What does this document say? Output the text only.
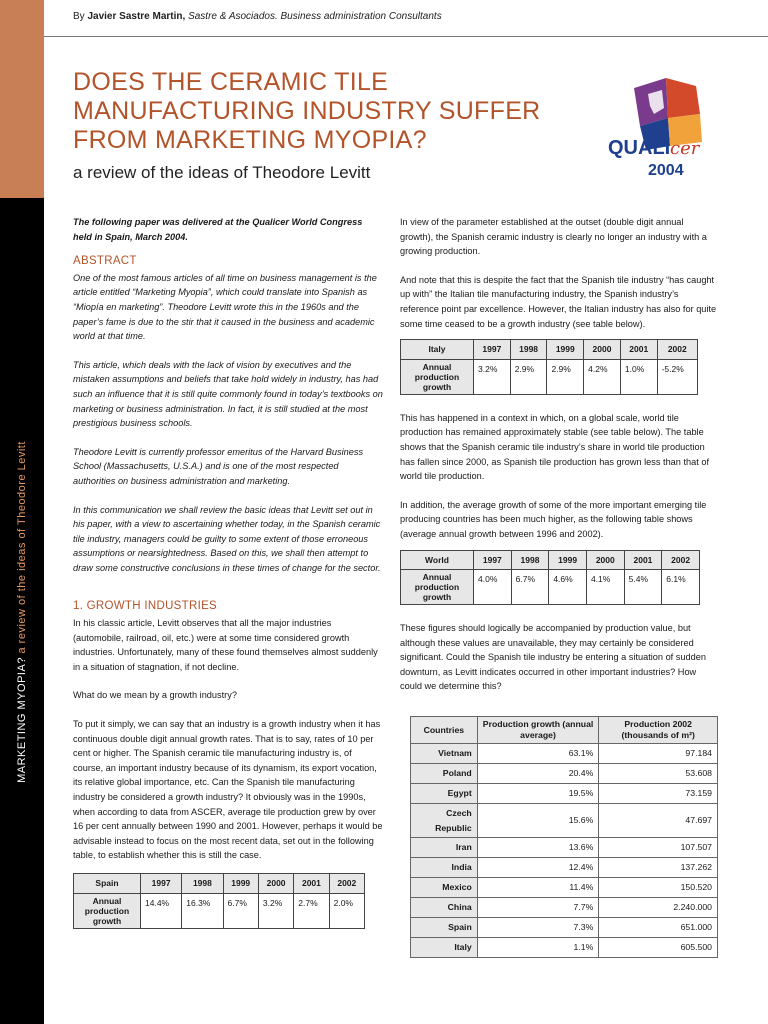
MARKETING MYOPIA? a review of the ideas of Theodore Levitt
By Javier Sastre Martin, Sastre & Asociados. Business administration Consultants
DOES THE CERAMIC TILE MANUFACTURING INDUSTRY SUFFER FROM MARKETING MYOPIA?
a review of the ideas of Theodore Levitt
QUALI cer
2004

The following paper was delivered at the Qualicer World Congress held in Spain, March 2004.

ABSTRACT

One of the most famous articles of all time on business management is the article entitled “Marketing Myopia”, which could translate into Spanish as “Miopía en marketing”. Theodore Levitt wrote this in the 1960s and the paper’s fame is due to the stir that it caused in the business and academic world at that time.

This article, which deals with the lack of vision by executives and the mistaken assumptions and beliefs that take hold widely in industry, has had such an influence that it is still quite commonly found in today’s textbooks on marketing or business administration. In fact, it is still studied at the most prestigious business schools.

Theodore Levitt is currently professor emeritus of the Harvard Business School (Massachusetts, U.S.A.) and is one of the most respected authorities on business administration and marketing.

In this communication we shall review the basic ideas that Levitt set out in his paper, with a view to ascertaining whether today, in the Spanish ceramic tile industry, managers could be guilty to some extent of those erroneous assumptions or nearsightedness. Based on this, we shall then attempt to draw some constructive conclusions in these times of change for the sector.

1. GROWTH INDUSTRIES

In his classic article, Levitt observes that all the major industries (automobile, railroad, oil, etc.) were at some time considered growth industries. Unfortunately, many of these found themselves almost suddenly in a situation of stagnation, if not decline.

What do we mean by a growth industry?

To put it simply, we can say that an industry is a growth industry when it has continuous double digit annual growth rates. That is to say, rates of 10 per cent or higher. The Spanish ceramic tile manufacturing industry is, of course, an important industry because of its dynamism, its export vocation, its relative global importance, etc. Can the Spanish tile manufacturing industry be considered a growth industry? It obviously was in the 1990s, when according to data from ASCER, average tile production grew by over 16 per cent annually between 1990 and 2001. However, perhaps it would be advisable instead to focus on the most recent data, set out in the following table, to establish whether this is still the case.

Spain	1997	1998	1999	2000	2001	2002
Annual production growth	14.4%	16.3%	6.7%	3.2%	2.7%	2.0%

In view of the parameter established at the outset (double digit annual growth), the Spanish ceramic industry is clearly no longer an industry with a growing production.

And note that this is despite the fact that the Spanish tile industry “has caught up with” the Italian tile manufacturing industry, the Spanish industry’s reference point par excellence. However, the Italian industry has also for quite some time ceased to be a growth industry (see table below).

Italy	1997	1998	1999	2000	2001	2002
Annual production growth	3.2%	2.9%	2.9%	4.2%	1.0%	-5.2%

This has happened in a context in which, on a global scale, world tile production has remained approximately stable (see table below). The table shows that the Spanish ceramic tile industry’s share in world tile production has fallen since 2000, as Spanish tile production has grown less than that of world tile production.

In addition, the average growth of some of the more important emerging tile producing countries has been much higher, as the following table shows (average annual growth between 1996 and 2002).

World	1997	1998	1999	2000	2001	2002
Annual production growth	4.0%	6.7%	4.6%	4.1%	5.4%	6.1%

These figures should logically be accompanied by production value, but although these values are unavailable, they may certainly be considered significant. Could the Spanish tile industry be entering a situation of sudden downturn, as Levitt indicates occurred in other important industries? How could we determine this?

Countries	Production growth (annual average)	Production 2002 (thousands of m²)
Vietnam	63.1%	97.184
Poland	20.4%	53.608
Egypt	19.5%	73.159
Czech Republic	15.6%	47.697
Iran	13.6%	107.507
India	12.4%	137.262
Mexico	11.4%	150.520
China	7.7%	2.240.000
Spain	7.3%	651.000
Italy	1.1%	605.500
